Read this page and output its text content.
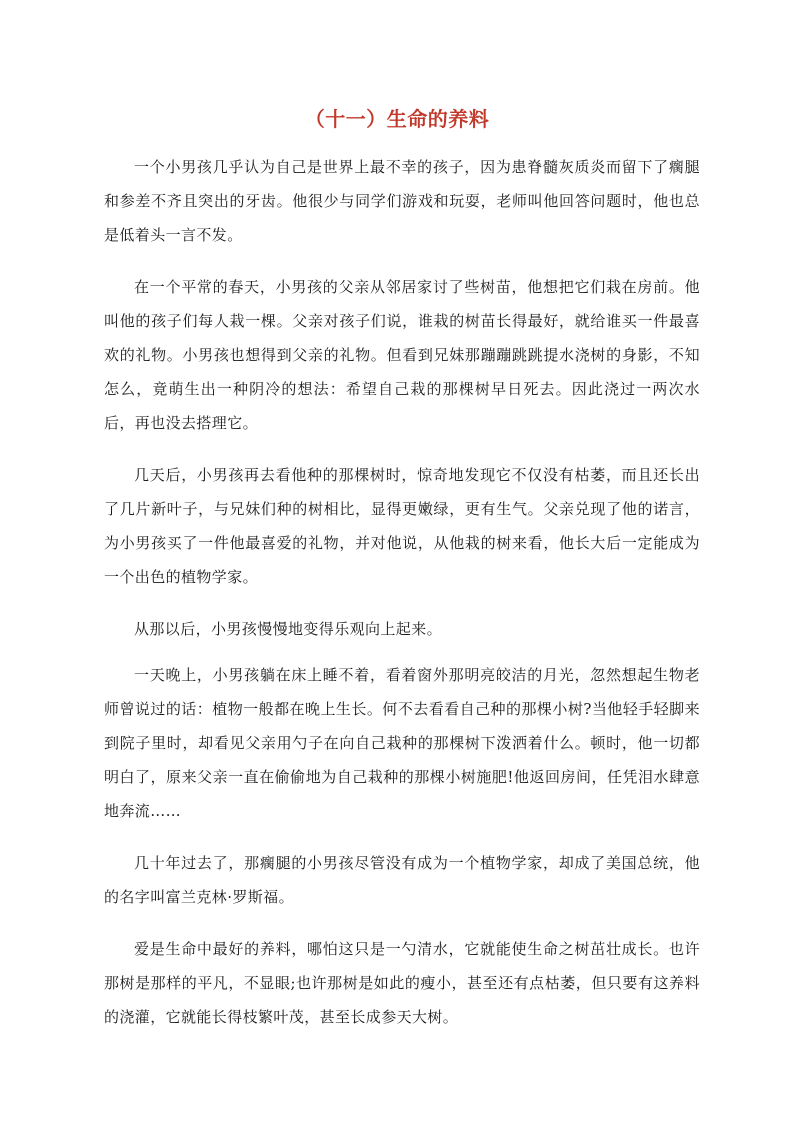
（十一）生命的养料

一个小男孩几乎认为自己是世界上最不幸的孩子，因为患脊髓灰质炎而留下了瘸腿和参差不齐且突出的牙齿。他很少与同学们游戏和玩耍，老师叫他回答问题时，他也总是低着头一言不发。

在一个平常的春天，小男孩的父亲从邻居家讨了些树苗，他想把它们栽在房前。他叫他的孩子们每人栽一棵。父亲对孩子们说，谁栽的树苗长得最好，就给谁买一件最喜欢的礼物。小男孩也想得到父亲的礼物。但看到兄妹那蹦蹦跳跳提水浇树的身影，不知怎么，竟萌生出一种阴冷的想法：希望自己栽的那棵树早日死去。因此浇过一两次水后，再也没去搭理它。

几天后，小男孩再去看他种的那棵树时，惊奇地发现它不仅没有枯萎，而且还长出了几片新叶子，与兄妹们种的树相比，显得更嫩绿，更有生气。父亲兑现了他的诺言，为小男孩买了一件他最喜爱的礼物，并对他说，从他栽的树来看，他长大后一定能成为一个出色的植物学家。

从那以后，小男孩慢慢地变得乐观向上起来。

一天晚上，小男孩躺在床上睡不着，看着窗外那明亮皎洁的月光，忽然想起生物老师曾说过的话：植物一般都在晚上生长。何不去看看自己种的那棵小树?当他轻手轻脚来到院子里时，却看见父亲用勺子在向自己栽种的那棵树下泼洒着什么。顿时，他一切都明白了，原来父亲一直在偷偷地为自己栽种的那棵小树施肥!他返回房间，任凭泪水肆意地奔流……

几十年过去了，那瘸腿的小男孩尽管没有成为一个植物学家，却成了美国总统，他的名字叫富兰克林·罗斯福。

爱是生命中最好的养料，哪怕这只是一勺清水，它就能使生命之树茁壮成长。也许那树是那样的平凡，不显眼;也许那树是如此的瘦小，甚至还有点枯萎，但只要有这养料的浇灌，它就能长得枝繁叶茂，甚至长成参天大树。
